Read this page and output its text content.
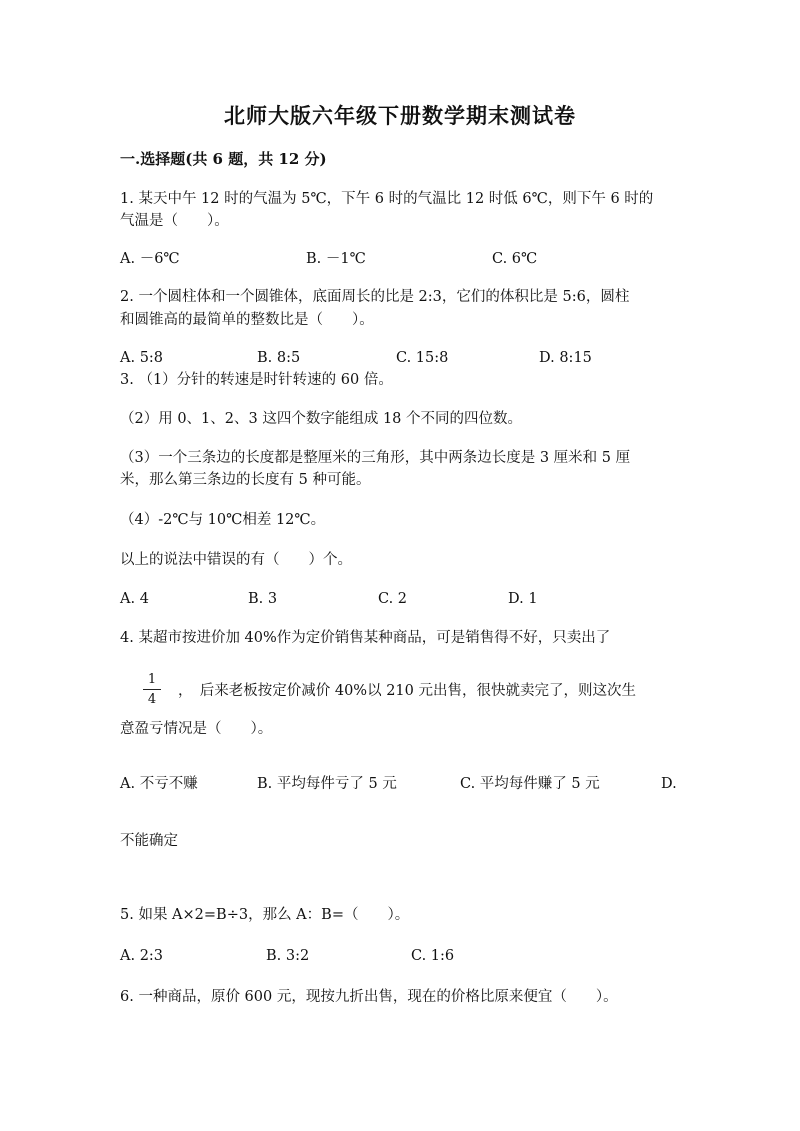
北师大版六年级下册数学期末测试卷
一.选择题(共 6 题，共 12 分)
1. 某天中午 12 时的气温为 5℃，下午 6 时的气温比 12 时低 6℃，则下午 6 时的
气温是（　　）。
A. －6℃	B. －1℃	C. 6℃
2. 一个圆柱体和一个圆锥体，底面周长的比是 2:3，它们的体积比是 5:6，圆柱
和圆锥高的最简单的整数比是（　　）。
A. 5:8	B. 8:5	C. 15:8	D. 8:15
3. （1）分针的转速是时针转速的 60 倍。
（2）用 0、1、2、3 这四个数字能组成 18 个不同的四位数。
（3）一个三条边的长度都是整厘米的三角形，其中两条边长度是 3 厘米和 5 厘
米，那么第三条边的长度有 5 种可能。
（4）-2℃与 10℃相差 12℃。
以上的说法中错误的有（　　）个。
A. 4	B. 3	C. 2	D. 1
4. 某超市按进价加 40%作为定价销售某种商品，可是销售得不好，只卖出了
1
4
，　后来老板按定价减价 40%以 210 元出售，很快就卖完了，则这次生
意盈亏情况是（　　）。
A. 不亏不赚	B. 平均每件亏了 5 元	C. 平均每件赚了 5 元	D.
不能确定
5. 如果 A×2=B÷3，那么 A：B=（　　）。
A. 2:3	B. 3:2	C. 1:6
6. 一种商品，原价 600 元，现按九折出售，现在的价格比原来便宜（　　）。
